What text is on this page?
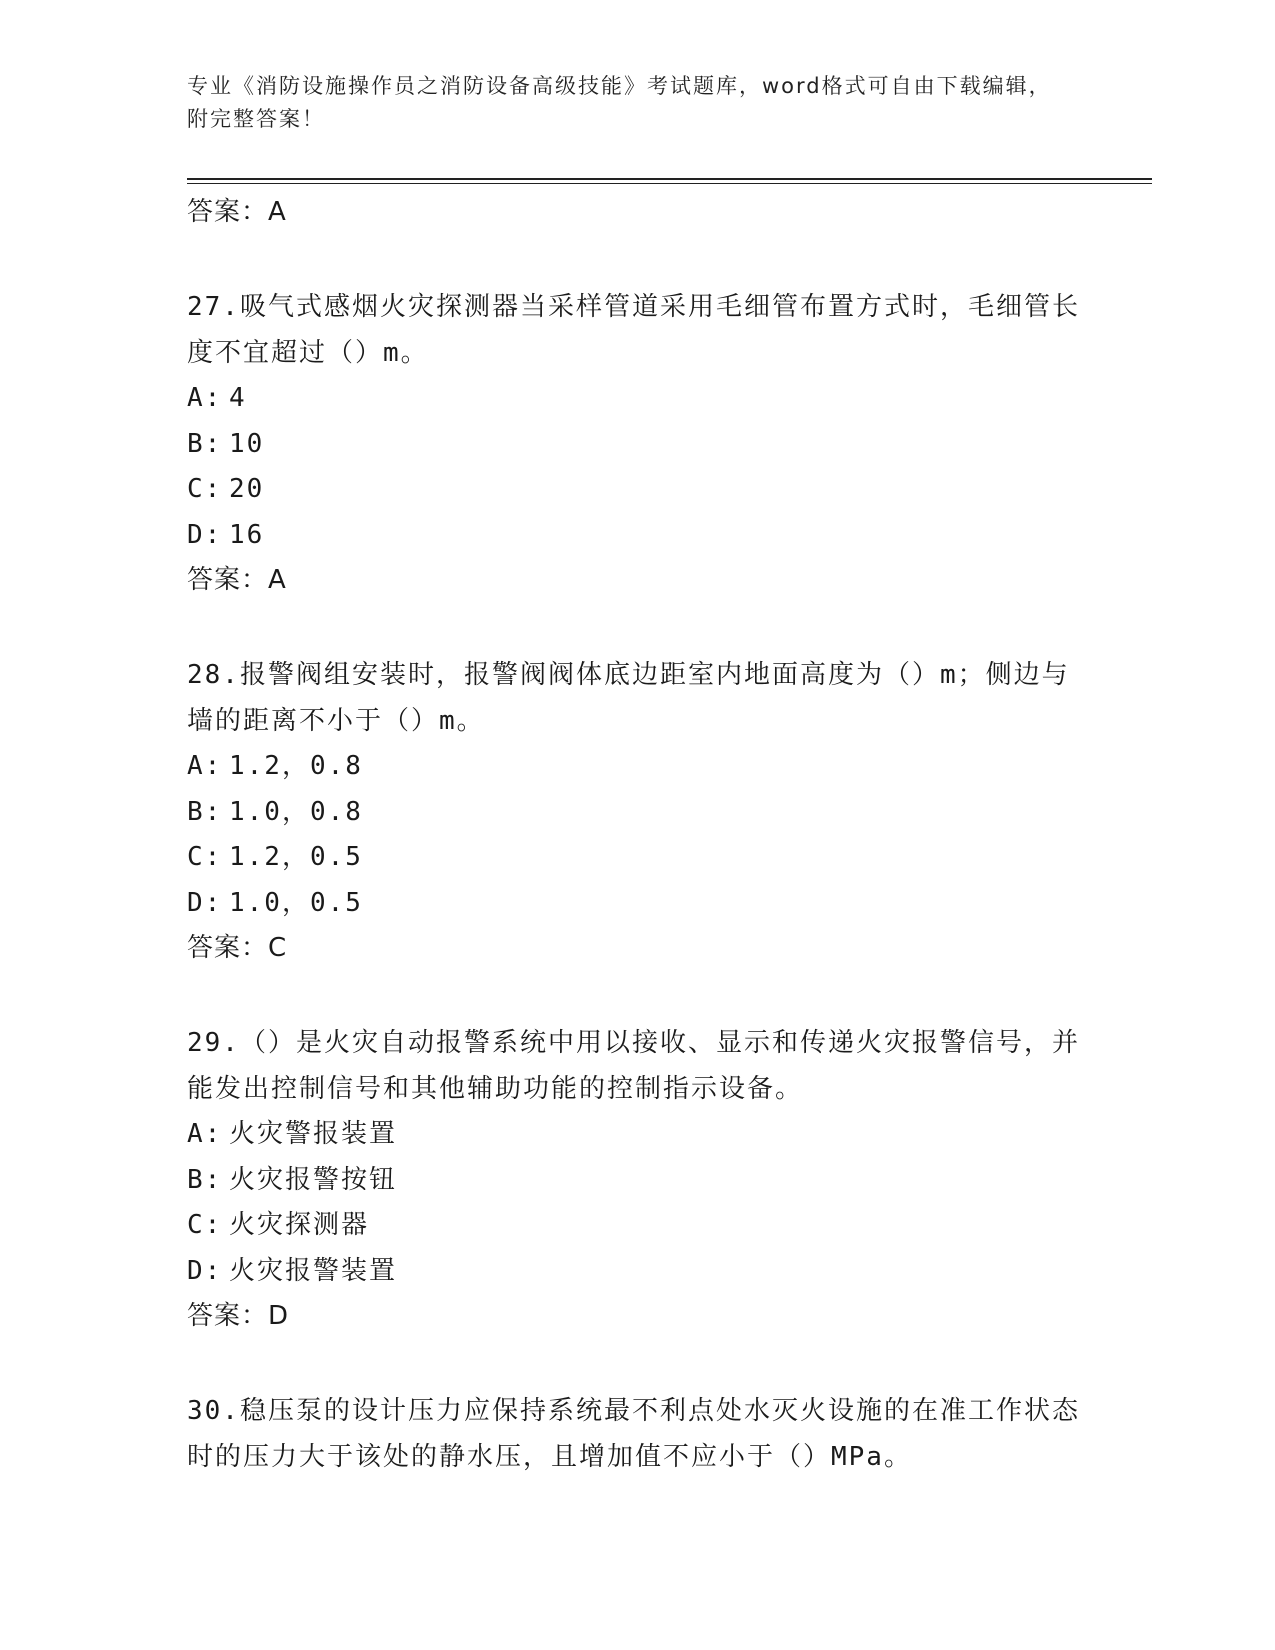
专业《消防设施操作员之消防设备高级技能》考试题库，word格式可自由下载编辑，附完整答案！
答案：A
27.吸气式感烟火灾探测器当采样管道采用毛细管布置方式时，毛细管长度不宜超过（）m。
A: 4
B: 10
C: 20
D: 16
答案：A
28.报警阀组安装时，报警阀阀体底边距室内地面高度为（）m；侧边与墙的距离不小于（）m。
A: 1.2，0.8
B: 1.0，0.8
C: 1.2，0.5
D: 1.0，0.5
答案：C
29.（）是火灾自动报警系统中用以接收、显示和传递火灾报警信号，并能发出控制信号和其他辅助功能的控制指示设备。
A: 火灾警报装置
B: 火灾报警按钮
C: 火灾探测器
D: 火灾报警装置
答案：D
30.稳压泵的设计压力应保持系统最不利点处水灭火设施的在准工作状态时的压力大于该处的静水压，且增加值不应小于（）MPa。
